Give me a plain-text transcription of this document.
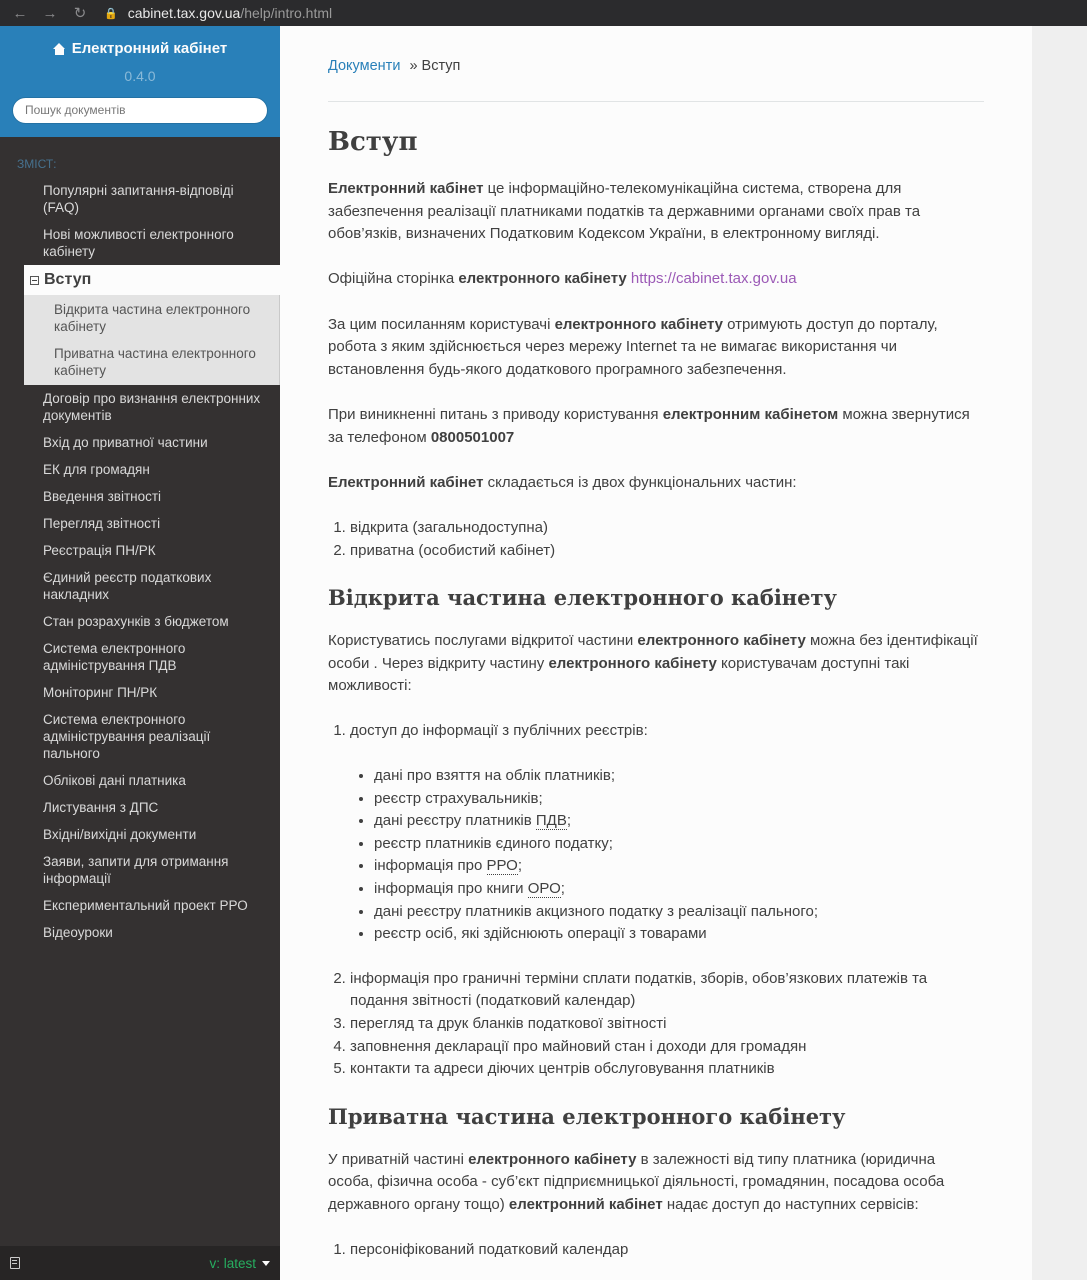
← → ↻	🔒 cabinet.tax.gov.ua /help/intro.html
Електронний кабінет
0.4.0
Пошук документів

ЗМІСТ:

Популярні запитання-відповіді (FAQ)
Нові можливості електронного кабінету
Вступ
Відкрита частина електронного кабінету
Приватна частина електронного кабінету
Договір про визнання електронних документів
Вхід до приватної частини
ЕК для громадян
Введення звітності
Перегляд звітності
Реєстрація ПН/РК
Єдиний реєстр податкових накладних
Стан розрахунків з бюджетом
Система електронного адміністрування ПДВ
Моніторинг ПН/РК
Система електронного адміністрування реалізації пального
Облікові дані платника
Листування з ДПС
Вхідні/вихідні документи
Заяви, запити для отримання інформації
Експериментальний проект РРО
Відеоуроки
v: latest
Документи »
Вступ
Вступ

Електронний кабінет це інформаційно-телекомунікаційна система, створена для забезпечення реалізації платниками податків та державними органами своїх прав та обов’язків, визначених Податковим Кодексом України, в електронному вигляді.

Офіційна сторінка електронного кабінету https://cabinet.tax.gov.ua

За цим посиланням користувачі електронного кабінету отримують доступ до порталу, робота з яким здійснюється через мережу Internet та не вимагає використання чи встановлення будь-якого додаткового програмного забезпечення.

При виникненні питань з приводу користування електронним кабінетом можна звернутися за телефоном 0800501007

Електронний кабінет складається із двох функціональних частин:

1. відкрита (загальнодоступна)
2. приватна (особистий кабінет)
Відкрита частина електронного кабінету

Користуватись послугами відкритої частини електронного кабінету можна без ідентифікації особи . Через відкриту частину електронного кабінету користувачам доступні такі можливості:

1. доступ до інформації з публічних реєстрів:
• дані про взяття на облік платників;
• реєстр страхувальників;
• дані реєстру платників ПДВ;
• реєстр платників єдиного податку;
• інформація про РРО;
• інформація про книги ОРО;
• дані реєстру платників акцизного податку з реалізації пального;
• реєстр осіб, які здійснюють операції з товарами
2. інформація про граничні терміни сплати податків, зборів, обов’язкових платежів та подання звітності (податковий календар)
3. перегляд та друк бланків податкової звітності
4. заповнення декларації про майновий стан і доходи для громадян
5. контакти та адреси діючих центрів обслуговування платників
Приватна частина електронного кабінету

У приватній частині електронного кабінету в залежності від типу платника (юридична особа, фізична особа - суб’єкт підприємницької діяльності, громадянин, посадова особа державного органу тощо) електронний кабінет надає доступ до наступних сервісів:

1. персоніфікований податковий календар
